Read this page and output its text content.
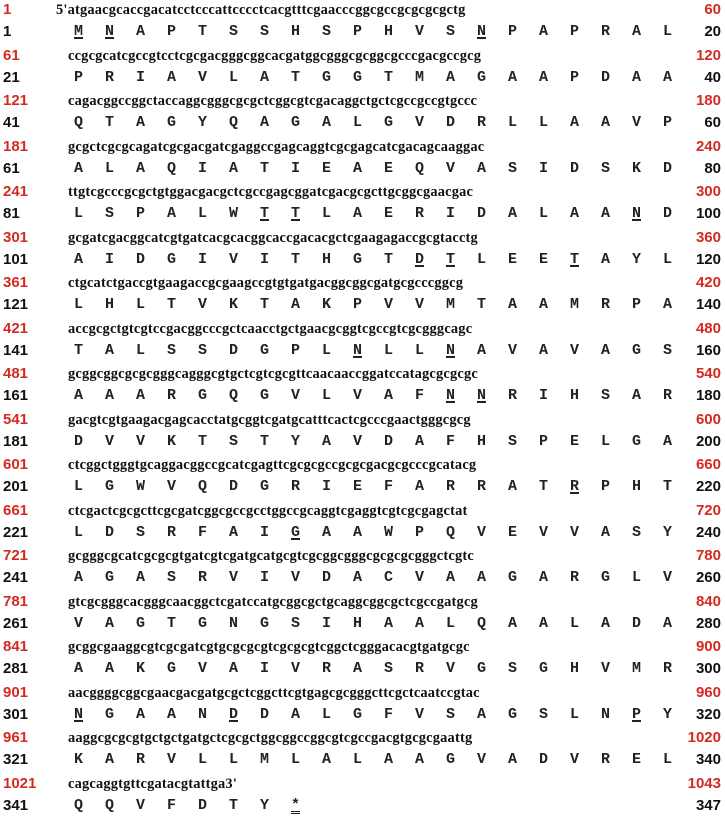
1	5'atgaacgcaccgacatcctcccattcccctcacgtttcgaacccggcgccgcgcgcgctg	60
1	M N A P T S S H S P H V S N P A P R A L 20
61	ccgcgcatcgccgtcctcgcgacgggcggcacgatggcgggcgcggcgcccgacgccgcg	120
21	P R I A V L A T G G T M A G A A P D A A 40
121	cagacggccggctaccaggcgggcgcgctcggcgtcgacaggctgctcgccgccgtgccc	180
41	Q T A G Y Q A G A L G V D R L L A A V P 60
181	gcgctcgcgcagatcgcgacgatcgaggccgagcaggtcgcgagcatcgacagcaaggac	240
61	A L A Q I A T I E A E Q V A S I D S K D 80
241	ttgtcgcccgcgctgtggacgacgctcgccgagcggatcgacgcgcttgcggcgaacgac	300
81	L S P A L W T T L A E R I D A L A A N D 100
301	gcgatcgacggcatcgtgatcacgcacggcaccgacacgctcgaagagaccgcgtacctg	360
101	A I D G I V I T H G T D T L E E T A Y L 120
361	ctgcatctgaccgtgaagaccgcgaagccgtgtgatgacggcggcgatgcgcccggcg	420
121	L H L T V K T A K P V V M T A A M R P A 140
421	accgcgctgtcgtccgacggcccgctcaacctgctgaacgcggtcgccgtcgcgggcagc	480
141	T A L S S D G P L N L L N A V A V A G S 160
481	gcggcggcgcgcgggcagggcgtgctcgtcgcgttcaacaaccggatccatagcgcgcgc	540
161	A A A R G Q G V L V A F N N R I H S A R 180
541	gacgtcgtgaagacgagcacctatgcggtcgatgcatttcactcgcccgaactgggcgcg	600
181	D V V K T S T Y A V D A F H S P E L G A 200
601	ctcggctgggtgcaggacggccgcatcgagttcgcgcgccgcgcgacgcgcccgcatacg	660
201	L G W V Q D G R I E F A R R A T R P H T 220
661	ctcgactcgcgcttcgcgatcggcgccgcctggccgcaggtcgaggtcgtcgcgagctat	720
221	L D S R F A I G A A W P Q V E V V A S Y 240
721	gcgggcgcatcgcgcgtgatcgtcgatgcatgcgtcgcggcgggcgcgcgcgggctcgtc	780
241	A G A S R V I V D A C V A A G A R G L V 260
781	gtcgcgggcacgggcaacggctcgatccatgcggcgctgcaggcggcgctcgccgatgcg	840
261	V A G T G N G S I H A A L Q A A L A D A 280
841	gcggcgaaggcgtcgcgatcgtgcgcgcgtcgcgcgtcggctcgggacacgtgatgcgc	900
281	A A K G V A I V R A S R V G S G H V M R 300
901	aacggggcggcgaacgacgatgcgctcggcttcgtgagcgcgggcttcgctcaatccgtac	960
301	N G A A N D D A L G F V S A G S L N P Y 320
961	aaggcgcgcgtgctgctgatgctcgcgctggcggccggcgtcgccgacgtgcgcgaattg	1020
321	K A R V L L M L A L A A G V A D V R E L 340
1021 cagcaggtgttcgatacgtattga3'	1043
341	Q Q V F D T Y *	347
